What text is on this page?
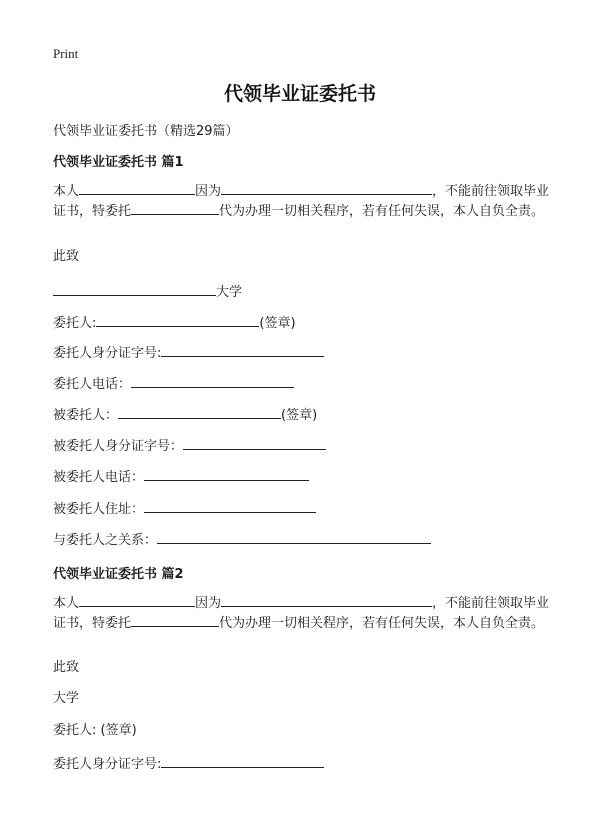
Print
代领毕业证委托书
代领毕业证委托书（精选29篇）
代领毕业证委托书 篇1
本人	因为	，不能前往领取毕业证书，特委托	代为办理一切相关程序，若有任何失误，本人自负全责。
此致
大学
委托人:	(签章)
委托人身分证字号:
委托人电话：
被委托人：	(签章)
被委托人身分证字号：
被委托人电话：
被委托人住址：
与委托人之关系：
代领毕业证委托书 篇2
本人	因为	，不能前往领取毕业证书，特委托	代为办理一切相关程序，若有任何失误，本人自负全责。
此致
大学
委托人: (签章)
委托人身分证字号:
